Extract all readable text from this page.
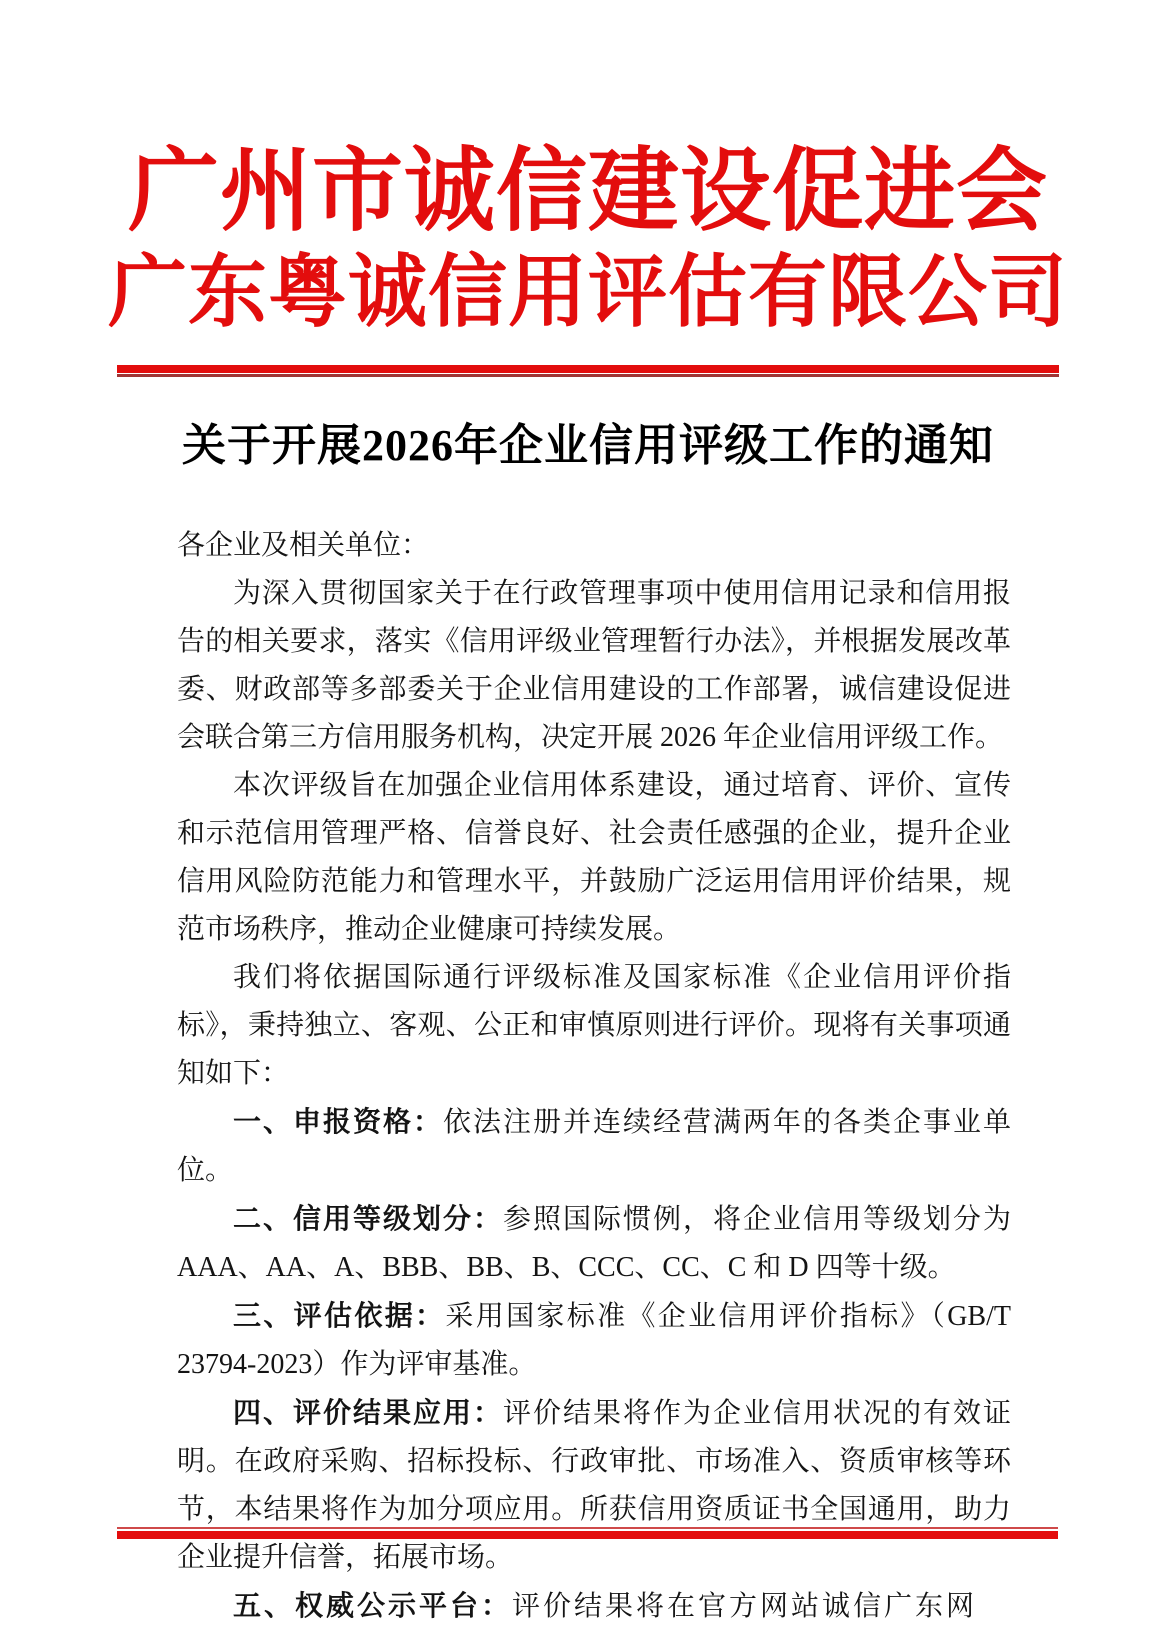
广州市诚信建设促进会
广东粤诚信用评估有限公司
关于开展2026年企业信用评级工作的通知

各企业及相关单位：

为深入贯彻国家关于在行政管理事项中使用信用记录和信用报告的相关要求，落实《信用评级业管理暂行办法》，并根据发展改革委、财政部等多部委关于企业信用建设的工作部署，诚信建设促进会联合第三方信用服务机构，决定开展 2026 年企业信用评级工作。

本次评级旨在加强企业信用体系建设，通过培育、评价、宣传和示范信用管理严格、信誉良好、社会责任感强的企业，提升企业信用风险防范能力和管理水平，并鼓励广泛运用信用评价结果，规范市场秩序，推动企业健康可持续发展。

我们将依据国际通行评级标准及国家标准《企业信用评价指标》，秉持独立、客观、公正和审慎原则进行评价。现将有关事项通知如下：

一、申报资格：依法注册并连续经营满两年的各类企事业单位。

二、信用等级划分：参照国际惯例，将企业信用等级划分为 AAA、AA、A、BBB、BB、B、CCC、CC、C 和 D 四等十级。

三、评估依据：采用国家标准《企业信用评价指标》（GB/T 23794-2023）作为评审基准。

四、评价结果应用：评价结果将作为企业信用状况的有效证明。在政府采购、招标投标、行政审批、市场准入、资质审核等环节，本结果将作为加分项应用。所获信用资质证书全国通用，助力企业提升信誉，拓展市场。

五、权威公示平台：评价结果将在官方网站诚信广东网
